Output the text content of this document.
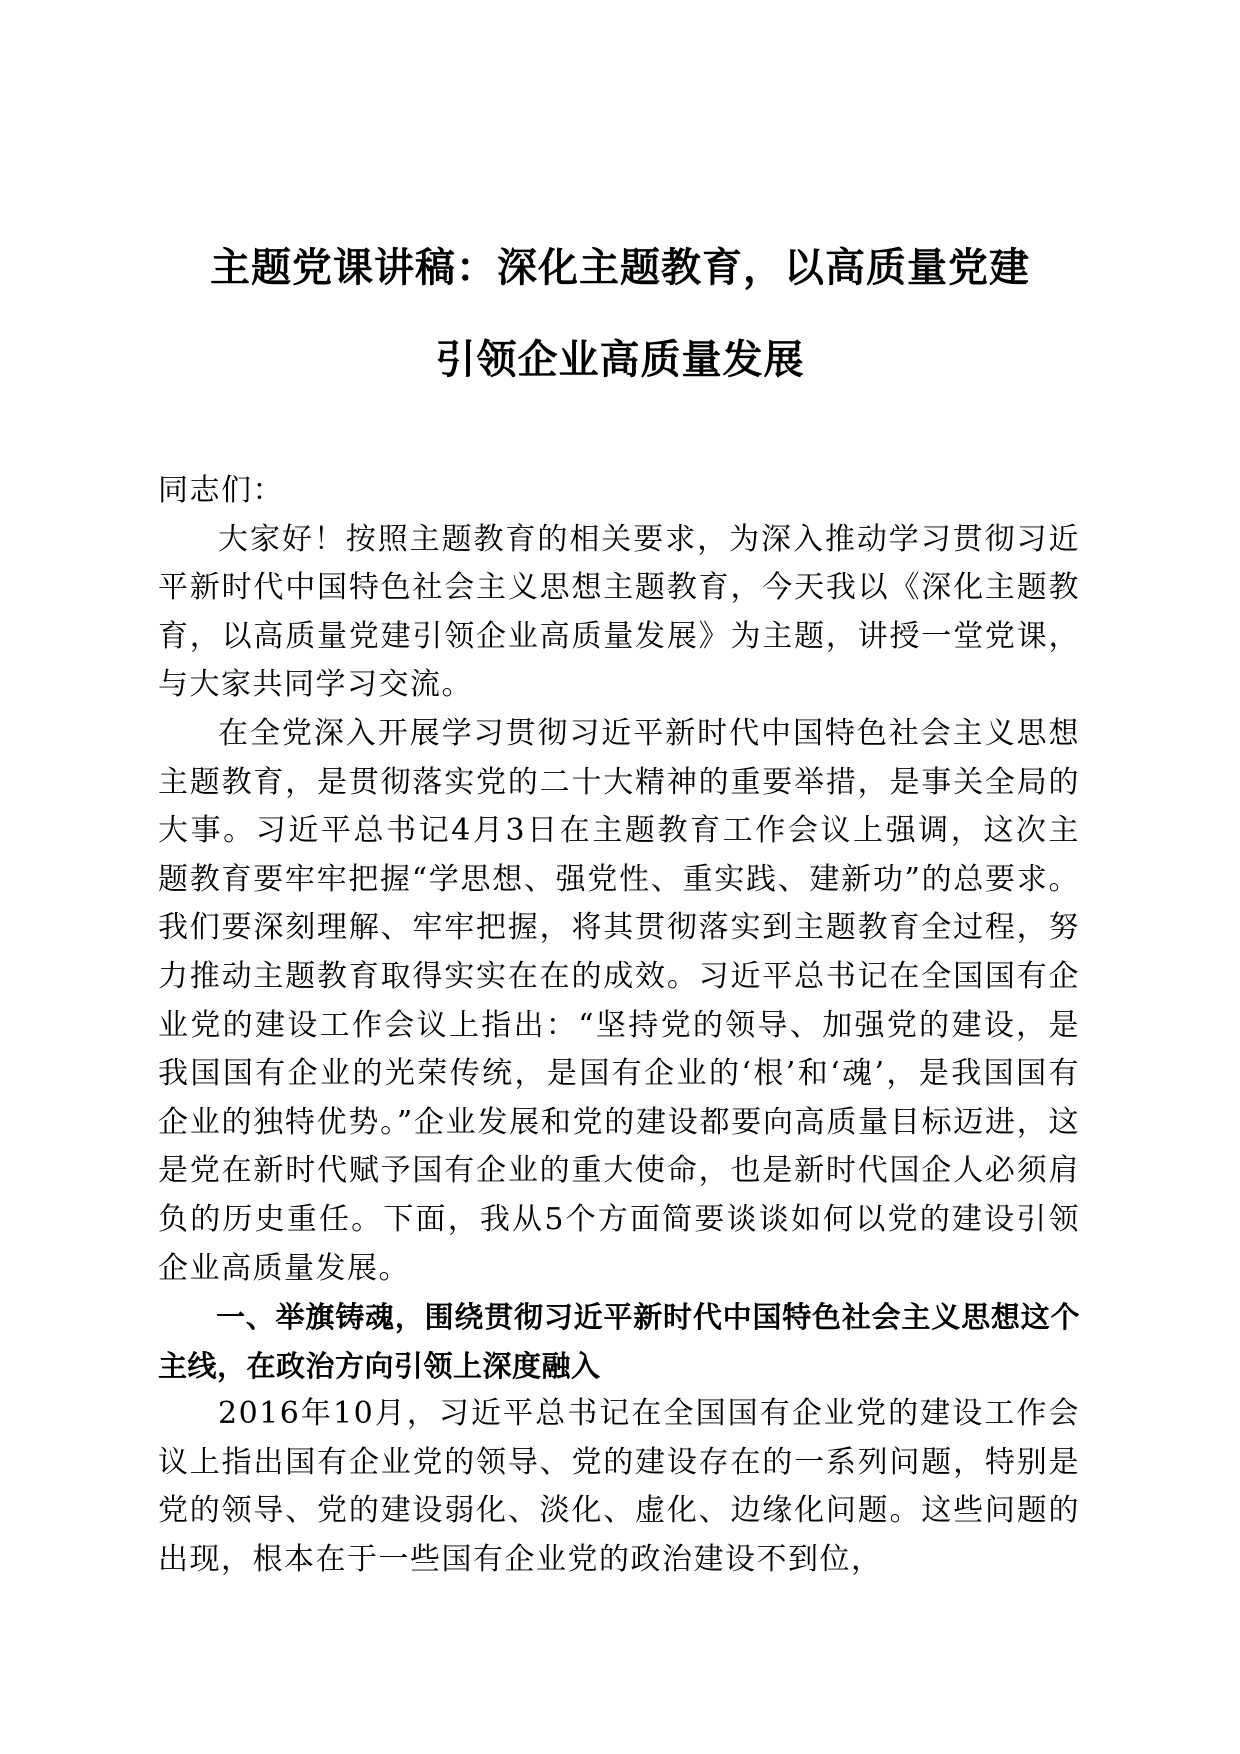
主题党课讲稿：深化主题教育，以高质量党建
引领企业高质量发展

同志们：

大家好！按照主题教育的相关要求，为深入推动学习贯彻习近平新时代中国特色社会主义思想主题教育，今天我以《深化主题教育，以高质量党建引领企业高质量发展》为主题，讲授一堂党课，与大家共同学习交流。

在全党深入开展学习贯彻习近平新时代中国特色社会主义思想主题教育，是贯彻落实党的二十大精神的重要举措，是事关全局的大事。习近平总书记4月3日在主题教育工作会议上强调，这次主题教育要牢牢把握“学思想、强党性、重实践、建新功”的总要求。我们要深刻理解、牢牢把握，将其贯彻落实到主题教育全过程，努力推动主题教育取得实实在在的成效。习近平总书记在全国国有企业党的建设工作会议上指出：“坚持党的领导、加强党的建设，是我国国有企业的光荣传统，是国有企业的‘根’和‘魂’，是我国国有企业的独特优势。”企业发展和党的建设都要向高质量目标迈进，这是党在新时代赋予国有企业的重大使命，也是新时代国企人必须肩负的历史重任。下面，我从5个方面简要谈谈如何以党的建设引领企业高质量发展。

一、举旗铸魂，围绕贯彻习近平新时代中国特色社会主义思想这个主线，在政治方向引领上深度融入

2016年10月，习近平总书记在全国国有企业党的建设工作会议上指出国有企业党的领导、党的建设存在的一系列问题，特别是党的领导、党的建设弱化、淡化、虚化、边缘化问题。这些问题的出现，根本在于一些国有企业党的政治建设不到位，
